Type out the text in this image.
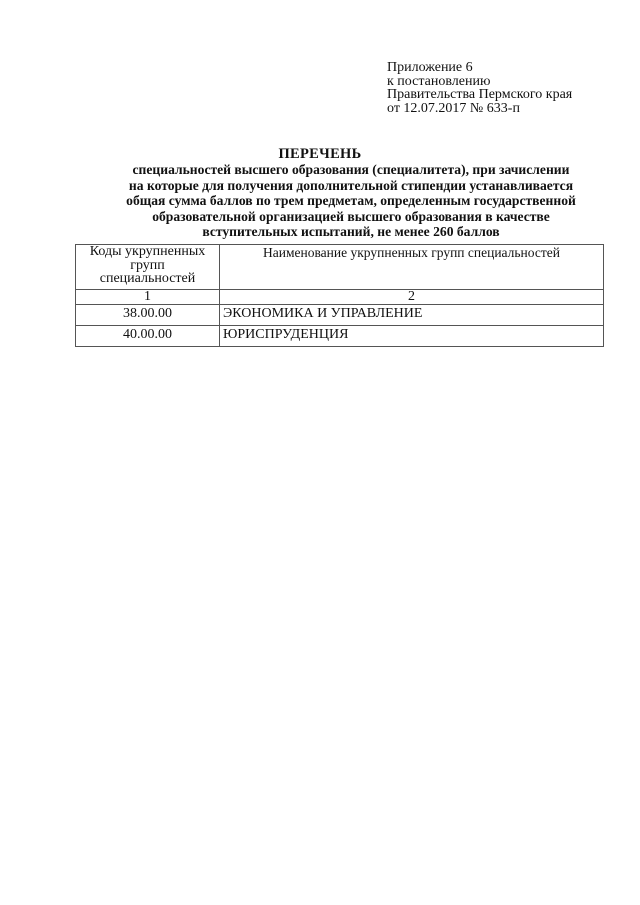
Приложение 6
к постановлению
Правительства Пермского края
от 12.07.2017 № 633-п
ПЕРЕЧЕНЬ
специальностей высшего образования (специалитета), при зачислении
на которые для получения дополнительной стипендии устанавливается
общая сумма баллов по трем предметам, определенным государственной
образовательной организацией высшего образования в качестве
вступительных испытаний, не менее 260 баллов
Коды укрупненных
групп
специальностей	Наименование укрупненных групп специальностей
1	2
38.00.00	ЭКОНОМИКА И УПРАВЛЕНИЕ
40.00.00	ЮРИСПРУДЕНЦИЯ
